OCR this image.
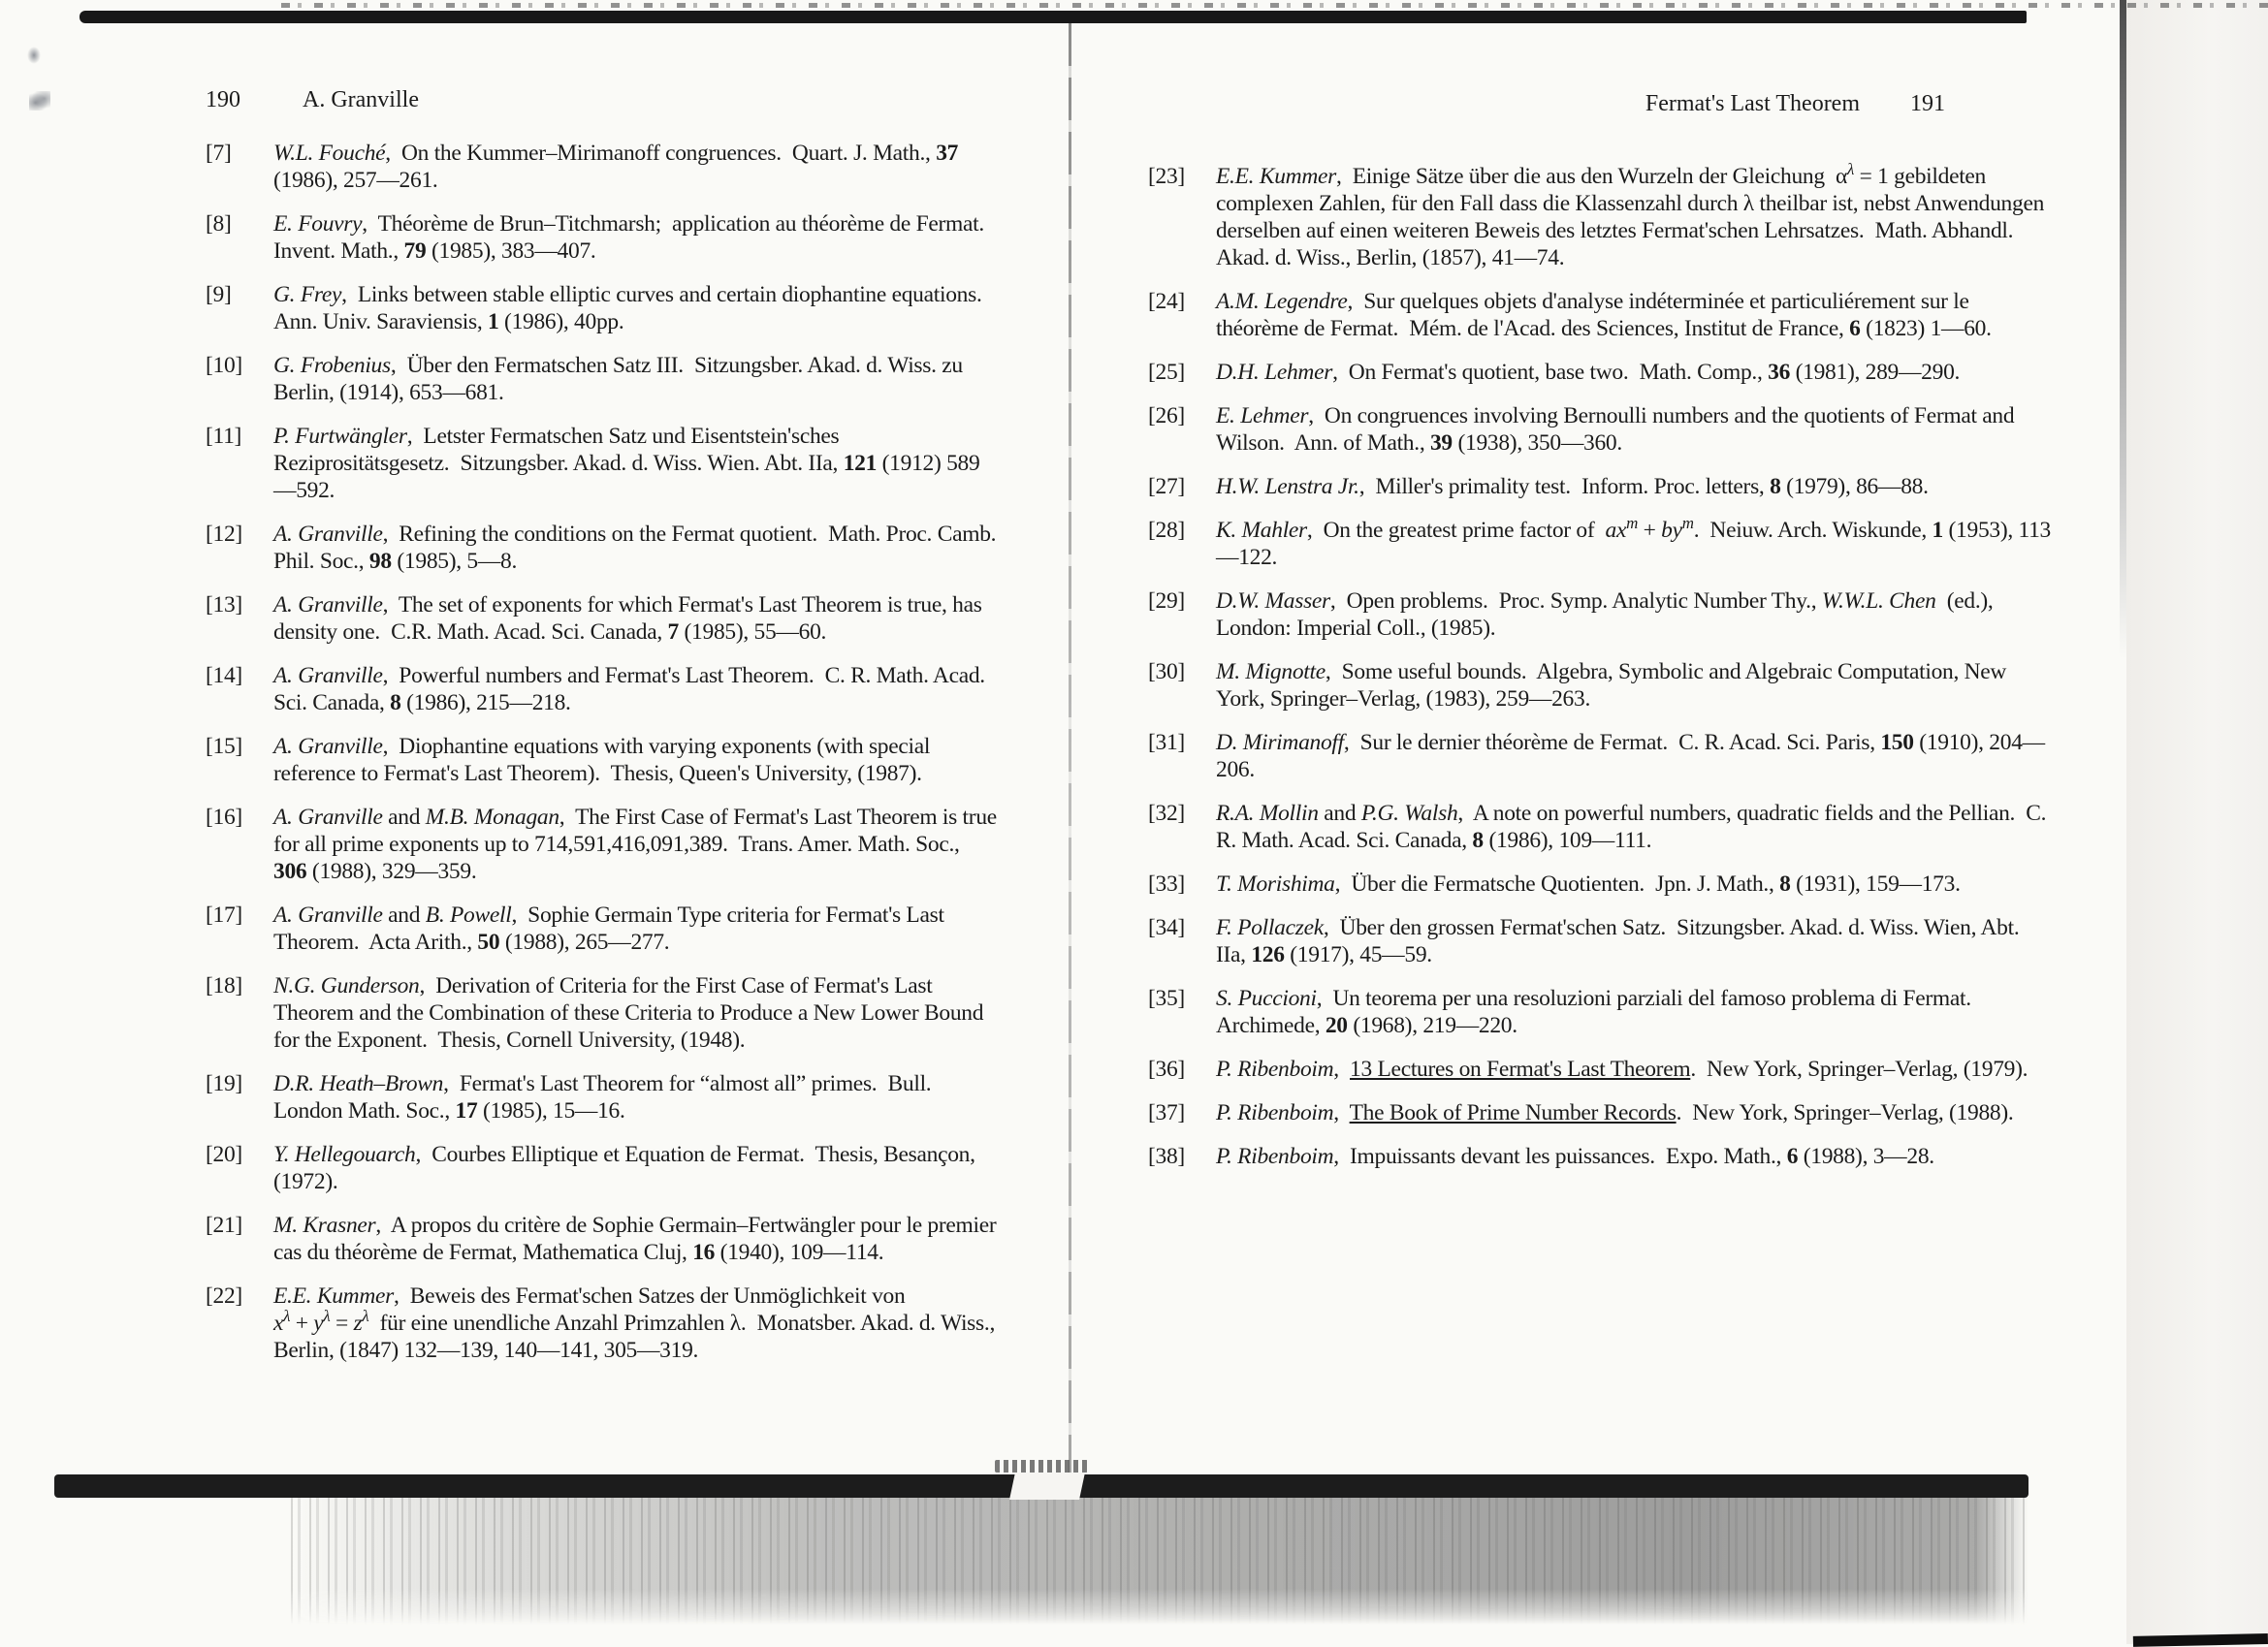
190	A. Granville
[7]	W.L. Fouché,  On the Kummer–Mirimanoff congruences.  Quart. J. Math., 37 (1986), 257—261.
[8]	E. Fouvry,  Théorème de Brun–Titchmarsh;  application au théorème de Fermat.  Invent. Math., 79 (1985), 383—407.
[9]	G. Frey,  Links between stable elliptic curves and certain diophantine equations.  Ann. Univ. Saraviensis, 1 (1986), 40pp.
[10]	G. Frobenius,  Über den Fermatschen Satz III.  Sitzungsber. Akad. d. Wiss. zu Berlin, (1914), 653—681.
[11]	P. Furtwängler,  Letster Fermatschen Satz und Eisentstein'sches Reziprositätsgesetz.  Sitzungsber. Akad. d. Wiss. Wien. Abt. IIa, 121 (1912) 589—592.
[12]	A. Granville,  Refining the conditions on the Fermat quotient.  Math. Proc. Camb. Phil. Soc., 98 (1985), 5—8.
[13]	A. Granville,  The set of exponents for which Fermat's Last Theorem is true, has density one.  C.R. Math. Acad. Sci. Canada, 7 (1985), 55—60.
[14]	A. Granville,  Powerful numbers and Fermat's Last Theorem.  C. R. Math. Acad. Sci. Canada, 8 (1986), 215—218.
[15]	A. Granville,  Diophantine equations with varying exponents (with special reference to Fermat's Last Theorem).  Thesis, Queen's University, (1987).
[16]	A. Granville and M.B. Monagan,  The First Case of Fermat's Last Theorem is true for all prime exponents up to 714,591,416,091,389.  Trans. Amer. Math. Soc.,  306 (1988), 329—359.
[17]	A. Granville and B. Powell,  Sophie Germain Type criteria for Fermat's Last Theorem.  Acta Arith., 50 (1988), 265—277.
[18]	N.G. Gunderson,  Derivation of Criteria for the First Case of Fermat's Last Theorem and the Combination of these Criteria to Produce a New Lower Bound for the Exponent.  Thesis, Cornell University, (1948).
[19]	D.R. Heath–Brown,  Fermat's Last Theorem for “almost all” primes.  Bull. London Math. Soc., 17 (1985), 15—16.
[20]	Y. Hellegouarch,  Courbes Elliptique et Equation de Fermat.  Thesis, Besançon, (1972).
[21]	M. Krasner,  A propos du critère de Sophie Germain–Fertwängler pour le premier cas du théorème de Fermat, Mathematica Cluj, 16 (1940), 109—114.
[22]	E.E. Kummer,  Beweis des Fermat'schen Satzes der Unmöglichkeit von
$x^\lambda + y^\lambda = z^\lambda$  für eine unendliche Anzahl Primzahlen λ.  Monatsber. Akad. d. Wiss., Berlin, (1847) 132—139, 140—141, 305—319.
Fermat's Last Theorem 191
[23]	E.E. Kummer,  Einige Sätze über die aus den Wurzeln der Gleichung  $\alpha^\lambda = 1$ gebildeten complexen Zahlen, für den Fall dass die Klassenzahl durch λ theilbar ist, nebst Anwendungen derselben auf einen weiteren Beweis des letztes Fermat'schen Lehrsatzes.  Math. Abhandl. Akad. d. Wiss., Berlin, (1857), 41—74.
[24]	A.M. Legendre,  Sur quelques objets d'analyse indéterminée et particuliérement sur le théorème de Fermat.  Mém. de l'Acad. des Sciences, Institut de France, 6 (1823) 1—60.
[25]	D.H. Lehmer,  On Fermat's quotient, base two.  Math. Comp., 36 (1981), 289—290.
[26]	E. Lehmer,  On congruences involving Bernoulli numbers and the quotients of Fermat and Wilson.  Ann. of Math., 39 (1938), 350—360.
[27]	H.W. Lenstra Jr.,  Miller's primality test.  Inform. Proc. letters, 8 (1979), 86—88.
[28]	K. Mahler,  On the greatest prime factor of  $ax^m + by^m$.  Neiuw. Arch. Wiskunde, 1 (1953), 113—122.
[29]	D.W. Masser,  Open problems.  Proc. Symp. Analytic Number Thy., W.W.L. Chen  (ed.), London: Imperial Coll., (1985).
[30]	M. Mignotte,  Some useful bounds.  Algebra, Symbolic and Algebraic Computation, New York, Springer–Verlag, (1983), 259—263.
[31]	D. Mirimanoff,  Sur le dernier théorème de Fermat.  C. R. Acad. Sci. Paris, 150 (1910), 204—206.
[32]	R.A. Mollin and P.G. Walsh,  A note on powerful numbers, quadratic fields and the Pellian.  C. R. Math. Acad. Sci. Canada, 8 (1986), 109—111.
[33]	T. Morishima,  Über die Fermatsche Quotienten.  Jpn. J. Math., 8 (1931), 159—173.
[34]	F. Pollaczek,  Über den grossen Fermat'schen Satz.  Sitzungsber. Akad. d. Wiss. Wien, Abt. IIa, 126 (1917), 45—59.
[35]	S. Puccioni,  Un teorema per una resoluzioni parziali del famoso problema di Fermat.  Archimede, 20 (1968), 219—220.
[36]	P. Ribenboim,  13 Lectures on Fermat's Last Theorem.  New York, Springer–Verlag, (1979).
[37]	P. Ribenboim,  The Book of Prime Number Records.  New York, Springer–Verlag, (1988).
[38]	P. Ribenboim,  Impuissants devant les puissances.  Expo. Math., 6 (1988), 3—28.
